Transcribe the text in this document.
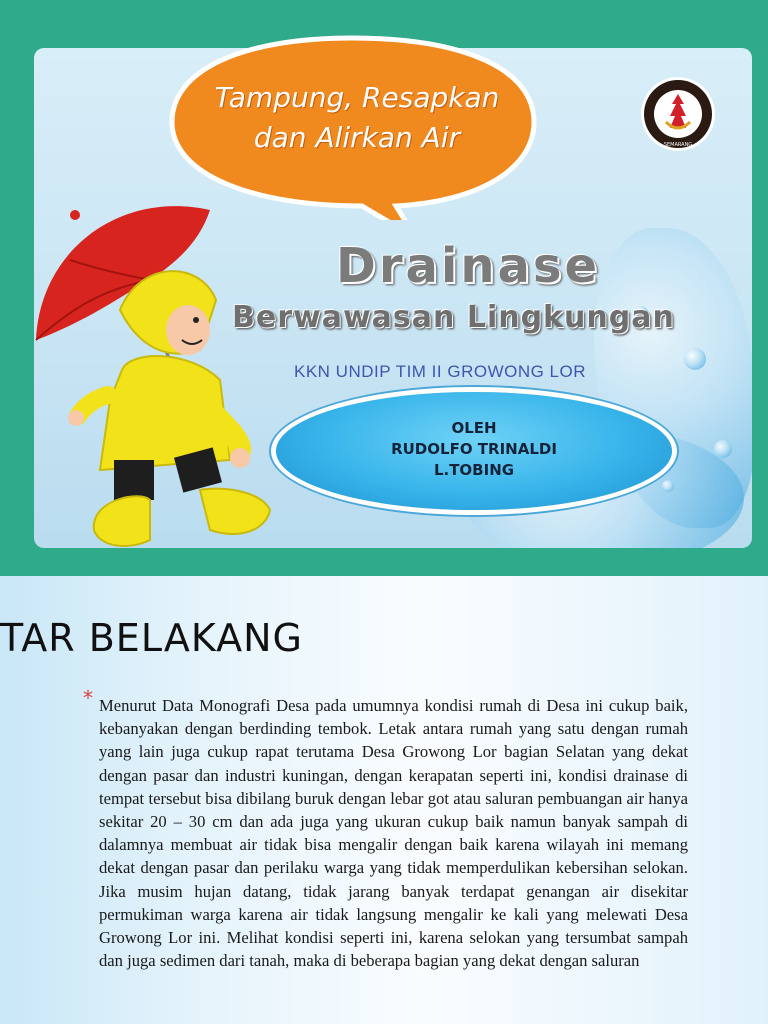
Tampung, Resapkan
dan Alirkan Air	SEMARANG
Drainase
Berwawasan Lingkungan
KKN UNDIP TIM II GROWONG LOR
OLEH
RUDOLFO TRINALDI
L.TOBING
TAR BELAKANG
* Menurut Data Monografi Desa pada umumnya kondisi rumah di Desa ini cukup baik, kebanyakan dengan berdinding tembok. Letak antara rumah yang satu dengan rumah yang lain juga cukup rapat terutama Desa Growong Lor bagian Selatan yang dekat dengan pasar dan industri kuningan, dengan kerapatan seperti ini, kondisi drainase di tempat tersebut bisa dibilang buruk dengan lebar got atau saluran pembuangan air hanya sekitar 20 – 30 cm dan ada juga yang ukuran cukup baik namun banyak sampah di dalamnya membuat air tidak bisa mengalir dengan baik karena wilayah ini memang dekat dengan pasar dan perilaku warga yang tidak memperdulikan kebersihan selokan. Jika musim hujan datang, tidak jarang banyak terdapat genangan air disekitar permukiman warga karena air tidak langsung mengalir ke kali yang melewati Desa Growong Lor ini. Melihat kondisi seperti ini, karena selokan yang tersumbat sampah dan juga sedimen dari tanah, maka di beberapa bagian yang dekat dengan saluran
